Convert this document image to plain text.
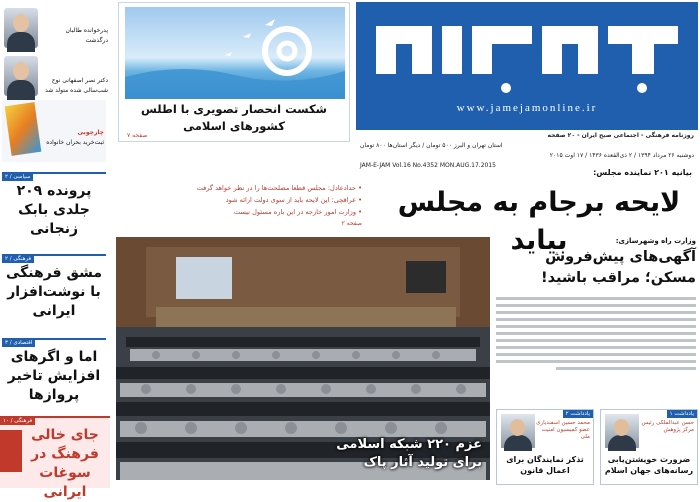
پدرخوانده طالبان
درگذشت
دکتر نصر اصفهانی نوح
شب‌سالی شده متولد شد
چارچوبی
ثبت‌خرید بحران خانواده
سیاسی / ۲
پرونده ۲۰۹ جلدی بابک زنجانی
فرهنگی / ۲
مشق فرهنگی با نوشت‌افزار ایرانی
اقتصادی / ۳
اما و اگرهای افزایش تاخیر پروازها
فرهنگی / ۱۰
جای خالی فرهنگ در سوغات ایرانی
شکست انحصار تصویری با اطلس کشورهای اسلامی
صفحه ۷
www.jamejamonline.ir
روزنامه فرهنگی - اجتماعی صبح ایران - ۲۰ صفحه
استان تهران و البرز ۵۰۰ تومان / دیگر استان‌ها ۸۰۰ تومان
دوشنبه ۲۶ مرداد ۱۳۹۴ / ۲ ذی‌القعده ۱۴۳۶ / ۱۷ اوت ۲۰۱۵
JAM-E-JAM Vol.16 No.4352 MON.AUG.17.2015
بیانیه ۲۰۱ نماینده مجلس:
لایحه برجام به مجلس بیاید
• حدادعادل: مجلس قطعا مصلحت‌ها را در نظر خواهد گرفت
• عراقچی: این لایحه باید از سوی دولت ارائه شود
• وزارت امور خارجه در این باره مسئول نیست
صفحه ۲
عزم ۲۲۰ شبکه اسلامی برای تولید آثار پاک
وزارت راه وشهرسازی:
آگهی‌های پیش‌فروش مسکن؛ مراقب باشید!
یادداشت ۱
حسن عبدالملکی رئیس مرکز پژوهش
ضرورت خویشتن‌یابی رسانه‌های جهان اسلام
یادداشت ۲
محمد حسین اسفندیاری عضو کمیسیون امنیت ملی
تذکر نمایندگان برای اعمال قانون
